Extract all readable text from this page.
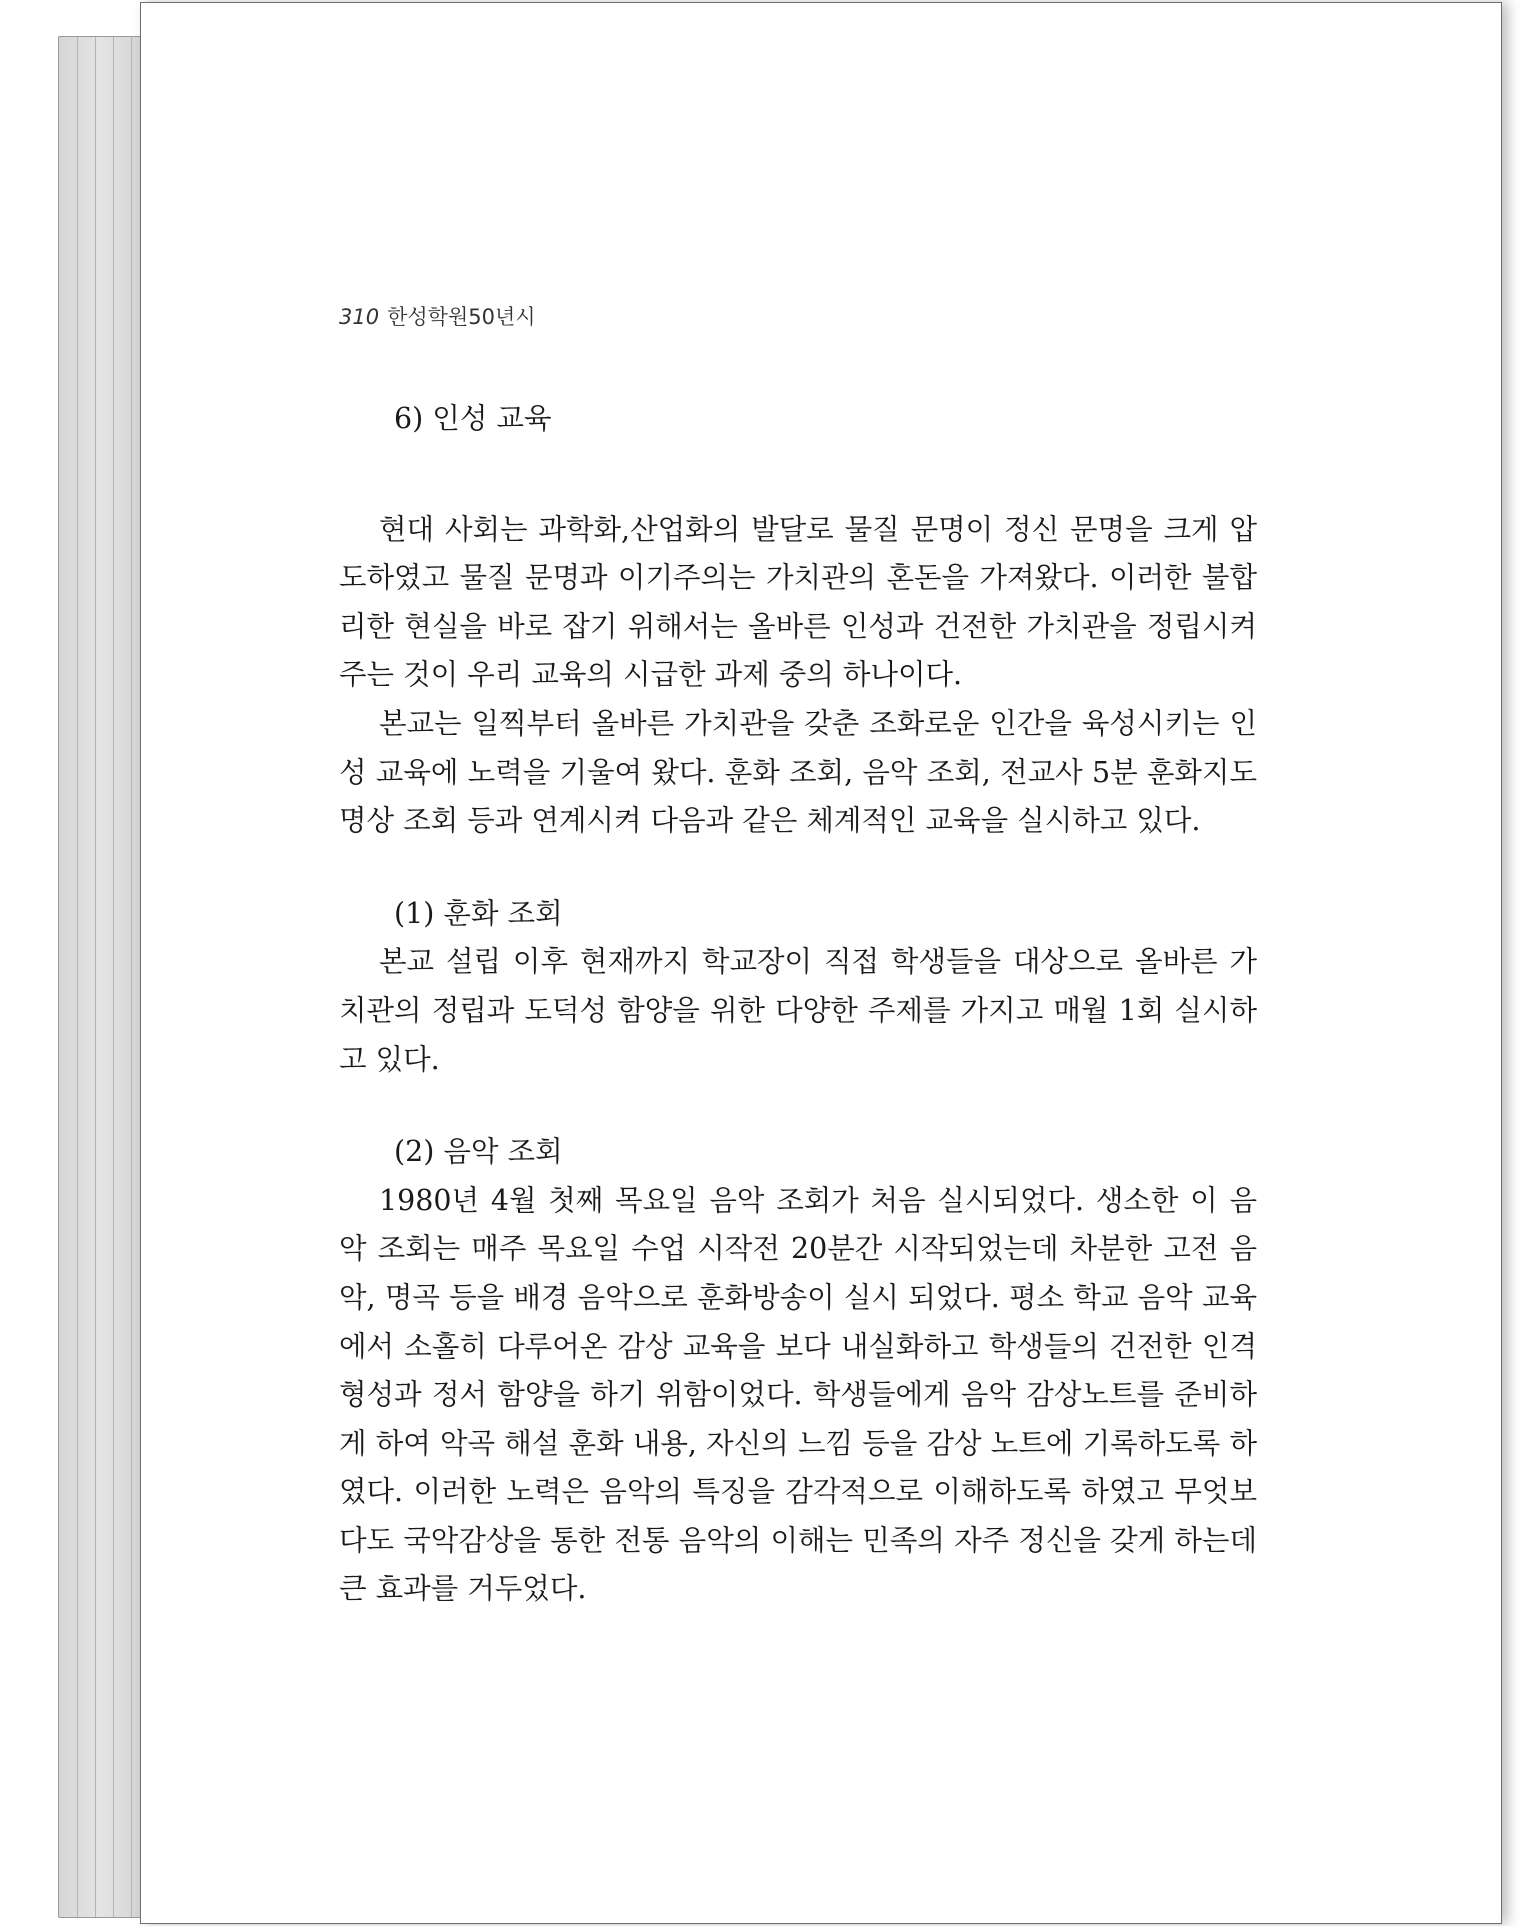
310 한성학원50년시

6) 인성 교육

현대 사회는 과학화,산업화의 발달로 물질 문명이 정신 문명을 크게 압도하였고 물질 문명과 이기주의는 가치관의 혼돈을 가져왔다. 이러한 불합리한 현실을 바로 잡기 위해서는 올바른 인성과 건전한 가치관을 정립시켜 주는 것이 우리 교육의 시급한 과제 중의 하나이다.

본교는 일찍부터 올바른 가치관을 갖춘 조화로운 인간을 육성시키는 인성 교육에 노력을 기울여 왔다. 훈화 조회, 음악 조회, 전교사 5분 훈화지도 명상 조회 등과 연계시켜 다음과 같은 체계적인 교육을 실시하고 있다.

(1) 훈화 조회

본교 설립 이후 현재까지 학교장이 직접 학생들을 대상으로 올바른 가치관의 정립과 도덕성 함양을 위한 다양한 주제를 가지고 매월 1회 실시하고 있다.

(2) 음악 조회

1980년 4월 첫째 목요일 음악 조회가 처음 실시되었다. 생소한 이 음악 조회는 매주 목요일 수업 시작전 20분간 시작되었는데 차분한 고전 음악, 명곡 등을 배경 음악으로 훈화방송이 실시 되었다. 평소 학교 음악 교육에서 소홀히 다루어온 감상 교육을 보다 내실화하고 학생들의 건전한 인격 형성과 정서 함양을 하기 위함이었다. 학생들에게 음악 감상노트를 준비하게 하여 악곡 해설 훈화 내용, 자신의 느낌 등을 감상 노트에 기록하도록 하였다. 이러한 노력은 음악의 특징을 감각적으로 이해하도록 하였고 무엇보다도 국악감상을 통한 전통 음악의 이해는 민족의 자주 정신을 갖게 하는데 큰 효과를 거두었다.
